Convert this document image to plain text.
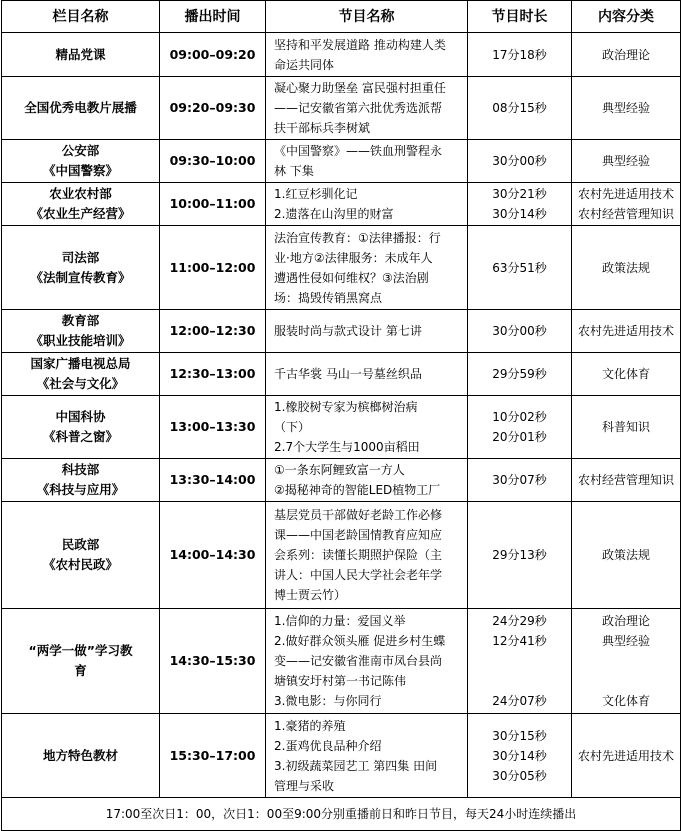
栏目名称	播出时间	节目名称	节目时长	内容分类

精品党课	09:00–09:20	坚持和平发展道路 推动构建人类
命运共同体	17分18秒	政治理论

全国优秀电教片展播	09:20–09:30	凝心聚力助堡垒 富民强村担重任
——记安徽省第六批优秀选派帮
扶干部标兵李树斌	08分15秒	典型经验

公安部
《中国警察》	09:30–10:00	《中国警察》——铁血刑警程永
林 下集	30分00秒	典型经验

农业农村部
《农业生产经营》	10:00–11:00	1.红豆杉驯化记
2.遗落在山沟里的财富	30分21秒
30分14秒	农村先进适用技术
农村经营管理知识

司法部
《法制宣传教育》	11:00–12:00	法治宣传教育：①法律播报：行
业·地方②法律服务：未成年人
遭遇性侵如何维权？③法治剧
场：捣毁传销黑窝点	63分51秒	政策法规

教育部
《职业技能培训》	12:00–12:30	服装时尚与款式设计 第七讲	30分00秒	农村先进适用技术

国家广播电视总局
《社会与文化》	12:30–13:00	千古华裳 马山一号墓丝织品	29分59秒	文化体育

中国科协
《科普之窗》	13:00–13:30	1.橡胶树专家为槟榔树治病
（下）
2.7个大学生与1000亩稻田	10分02秒
20分01秒	科普知识

科技部
《科技与应用》	13:30–14:00	①一条东阿鲤致富一方人
②揭秘神奇的智能LED植物工厂	30分07秒	农村经营管理知识

民政部
《农村民政》	14:00–14:30	基层党员干部做好老龄工作必修
课——中国老龄国情教育应知应
会系列：读懂长期照护保险（主
讲人：中国人民大学社会老年学
博士贾云竹）	29分13秒	政策法规

“两学一做”学习教
育	14:30–15:30	1.信仰的力量：爱国义举
2.做好群众领头雁 促进乡村生蝶
变——记安徽省淮南市凤台县尚
塘镇安圩村第一书记陈伟
3.微电影：与你同行	24分29秒
12分41秒
24分07秒	政治理论
典型经验
文化体育

地方特色教材	15:30–17:00	1.豪猪的养殖
2.蛋鸡优良品种介绍
3.初级蔬菜园艺工 第四集 田间
管理与采收	30分15秒
30分14秒
30分05秒	农村先进适用技术

17:00至次日1：00，次日1：00至9:00分别重播前日和昨日节目，每天24小时连续播出				
